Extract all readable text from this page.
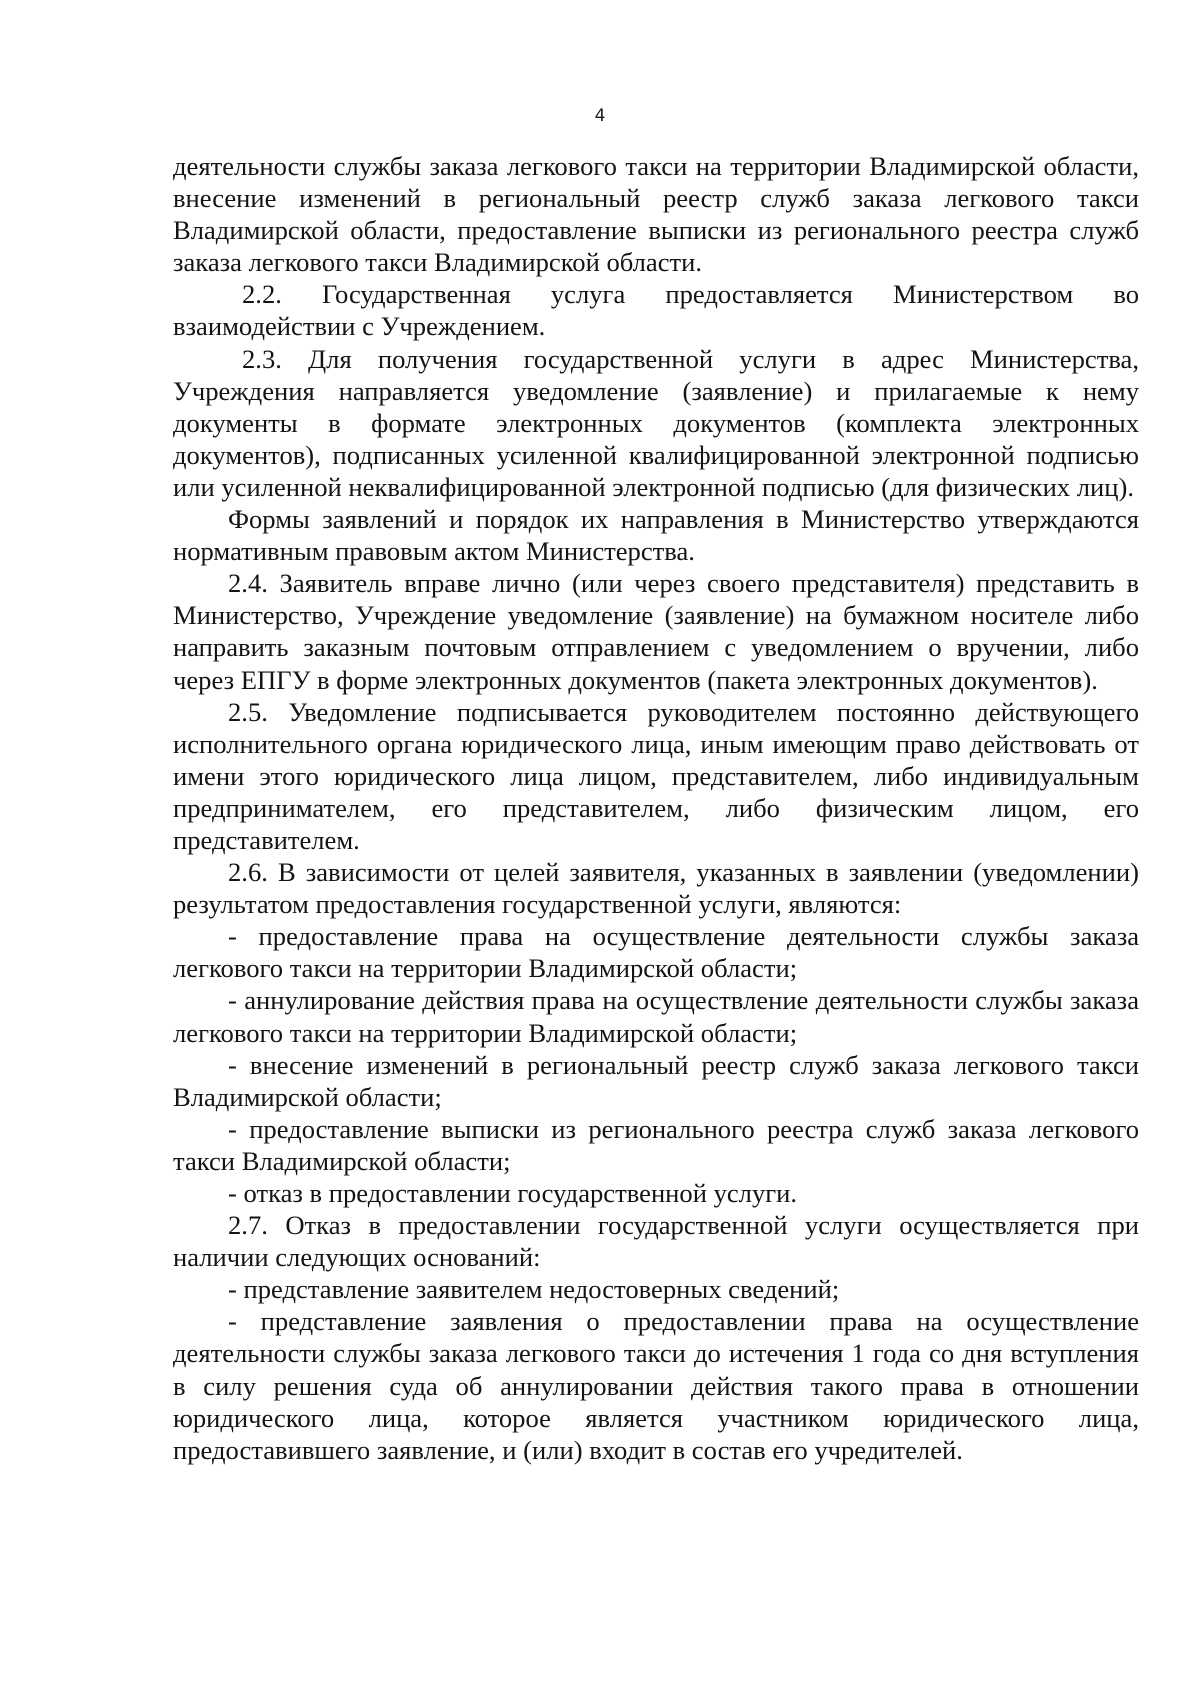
4

деятельности службы заказа легкового такси на территории Владимирской области, внесение изменений в региональный реестр служб заказа легкового такси Владимирской области, предоставление выписки из регионального реестра служб заказа легкового такси Владимирской области.

2.2. Государственная услуга предоставляется Министерством во взаимодействии с Учреждением.

2.3. Для получения государственной услуги в адрес Министерства, Учреждения направляется уведомление (заявление) и прилагаемые к нему документы в формате электронных документов (комплекта электронных документов), подписанных усиленной квалифицированной электронной подписью или усиленной неквалифицированной электронной подписью (для физических лиц).

Формы заявлений и порядок их направления в Министерство утверждаются нормативным правовым актом Министерства.

2.4. Заявитель вправе лично (или через своего представителя) представить в Министерство, Учреждение уведомление (заявление) на бумажном носителе либо направить заказным почтовым отправлением с уведомлением о вручении, либо через ЕПГУ в форме электронных документов (пакета электронных документов).

2.5. Уведомление подписывается руководителем постоянно действующего исполнительного органа юридического лица, иным имеющим право действовать от имени этого юридического лица лицом, представителем, либо индивидуальным предпринимателем, его представителем, либо физическим лицом, его представителем.

2.6. В зависимости от целей заявителя, указанных в заявлении (уведомлении) результатом предоставления государственной услуги, являются:

- предоставление права на осуществление деятельности службы заказа легкового такси на территории Владимирской области;

- аннулирование действия права на осуществление деятельности службы заказа легкового такси на территории Владимирской области;

- внесение изменений в региональный реестр служб заказа легкового такси Владимирской области;

- предоставление выписки из регионального реестра служб заказа легкового такси Владимирской области;

- отказ в предоставлении государственной услуги.

2.7. Отказ в предоставлении государственной услуги осуществляется при наличии следующих оснований:

- представление заявителем недостоверных сведений;

- представление заявления о предоставлении права на осуществление деятельности службы заказа легкового такси до истечения 1 года со дня вступления в силу решения суда об аннулировании действия такого права в отношении юридического лица, которое является участником юридического лица, предоставившего заявление, и (или) входит в состав его учредителей.
